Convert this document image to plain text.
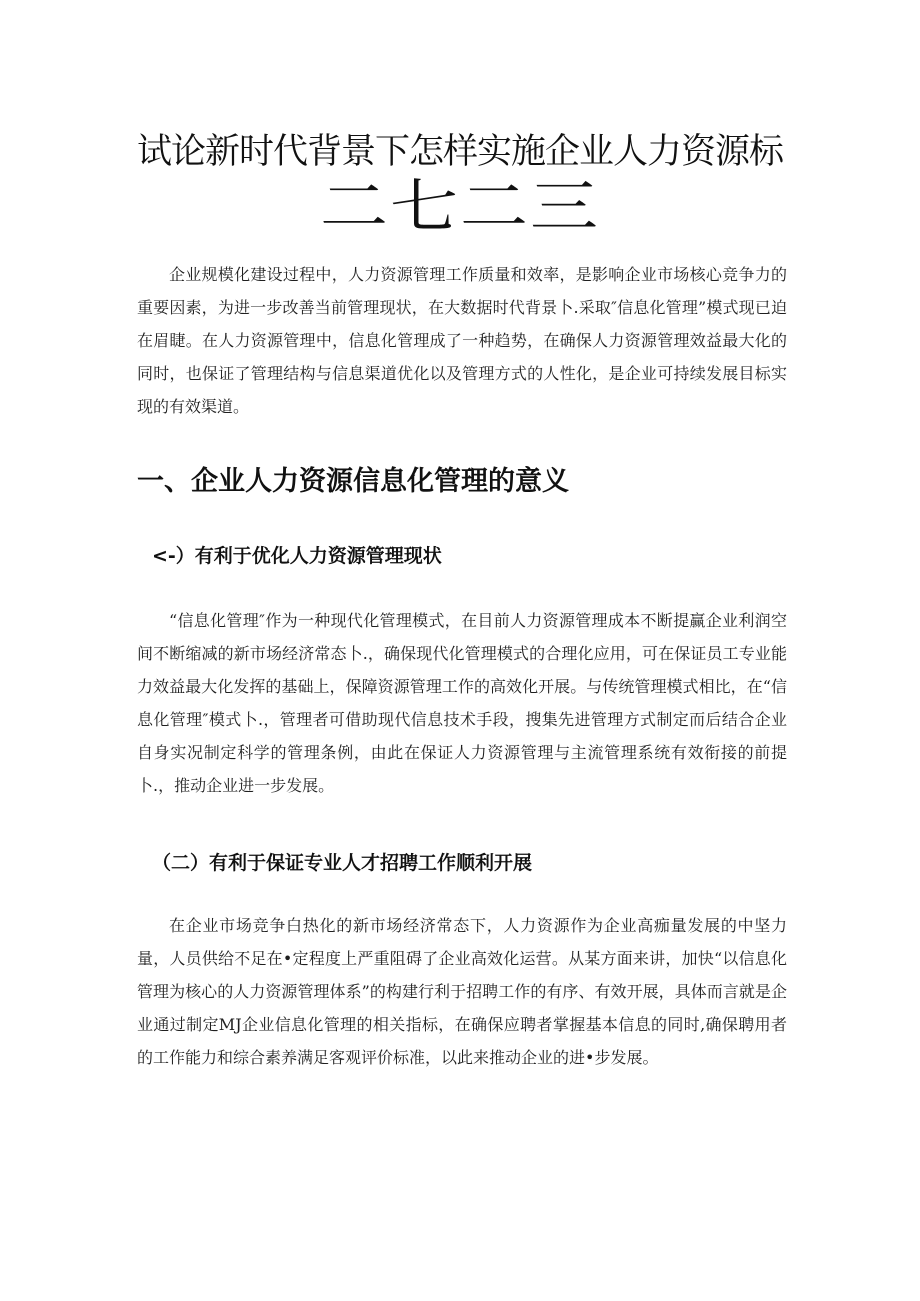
试论新时代背景下怎样实施企业人力资源标
二七二三

企业规模化建设过程中，人力资源管理工作质量和效率，是影响企业市场核心竞争力的重要因素，为进一步改善当前管理现状，在大数据时代背景卜.采取″信息化管理”模式现已迫在眉睫。在人力资源管理中，信息化管理成了一种趋势，在确保人力资源管理效益最大化的同时，也保证了管理结构与信息渠道优化以及管理方式的人性化，是企业可持续发展目标实现的有效渠道。

一、企业人力资源信息化管理的意义
<-）有利于优化人力资源管理现状

“信息化管理″作为一种现代化管理模式，在目前人力资源管理成本不断提赢企业利润空间不断缩减的新市场经济常态卜.，确保现代化管理模式的合理化应用，可在保证员工专业能力效益最大化发挥的基础上，保障资源管理工作的高效化开展。与传统管理模式相比，在“信息化管理″模式卜.，管理者可借助现代信息技术手段，搜集先进管理方式制定而后结合企业自身实况制定科学的管理条例，由此在保证人力资源管理与主流管理系统有效衔接的前提卜.，推动企业进一步发展。

（二）有利于保证专业人才招聘工作顺利开展

在企业市场竞争白热化的新市场经济常态下，人力资源作为企业高痂量发展的中坚力量，人员供给不足在•定程度上严重阻碍了企业高效化运营。从某方面来讲，加快“以信息化管理为核心的人力资源管理体系”的构建行利于招聘工作的有序、有效开展，具体而言就是企业通过制定MJ企业信息化管理的相关指标，在确保应聘者掌握基本信息的同时,确保聘用者的工作能力和综合素养满足客观评价标准，以此来推动企业的进•步发展。
